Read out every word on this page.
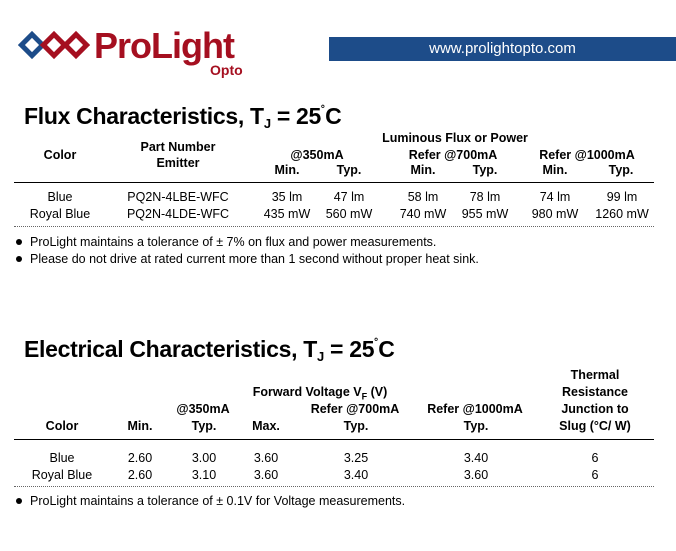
ProLight
Opto
www.prolightopto.com
Flux Characteristics, $T_J = 25^˚C$
Color
Part Number
Emitter
Luminous Flux or Power
@350mA	Refer @700mA	Refer @1000mA
Min.	Typ.	Min.	Typ.	Min.	Typ.
Blue	PQ2N-4LBE-WFC	35 lm	47 lm	58 lm	78 lm	74 lm	99 lm
Royal Blue	PQ2N-4LDE-WFC	435 mW	560 mW	740 mW	955 mW	980 mW	1260 mW
ProLight maintains a tolerance of ± 7% on flux and power measurements.
Please do not drive at rated current more than 1 second without proper heat sink.
Electrical Characteristics, $T_J = 25^˚C$
Thermal
Resistance
Junction to
Slug (°C/ W)
Forward Voltage $V_F$ (V)
@350mA	Refer @700mA	Refer @1000mA
Color	Min.	Typ.	Max.	Typ.	Typ.
Blue	2.60	3.00	3.60	3.25	3.40	6
Royal Blue	2.60	3.10	3.60	3.40	3.60	6
ProLight maintains a tolerance of ± 0.1V for Voltage measurements.
